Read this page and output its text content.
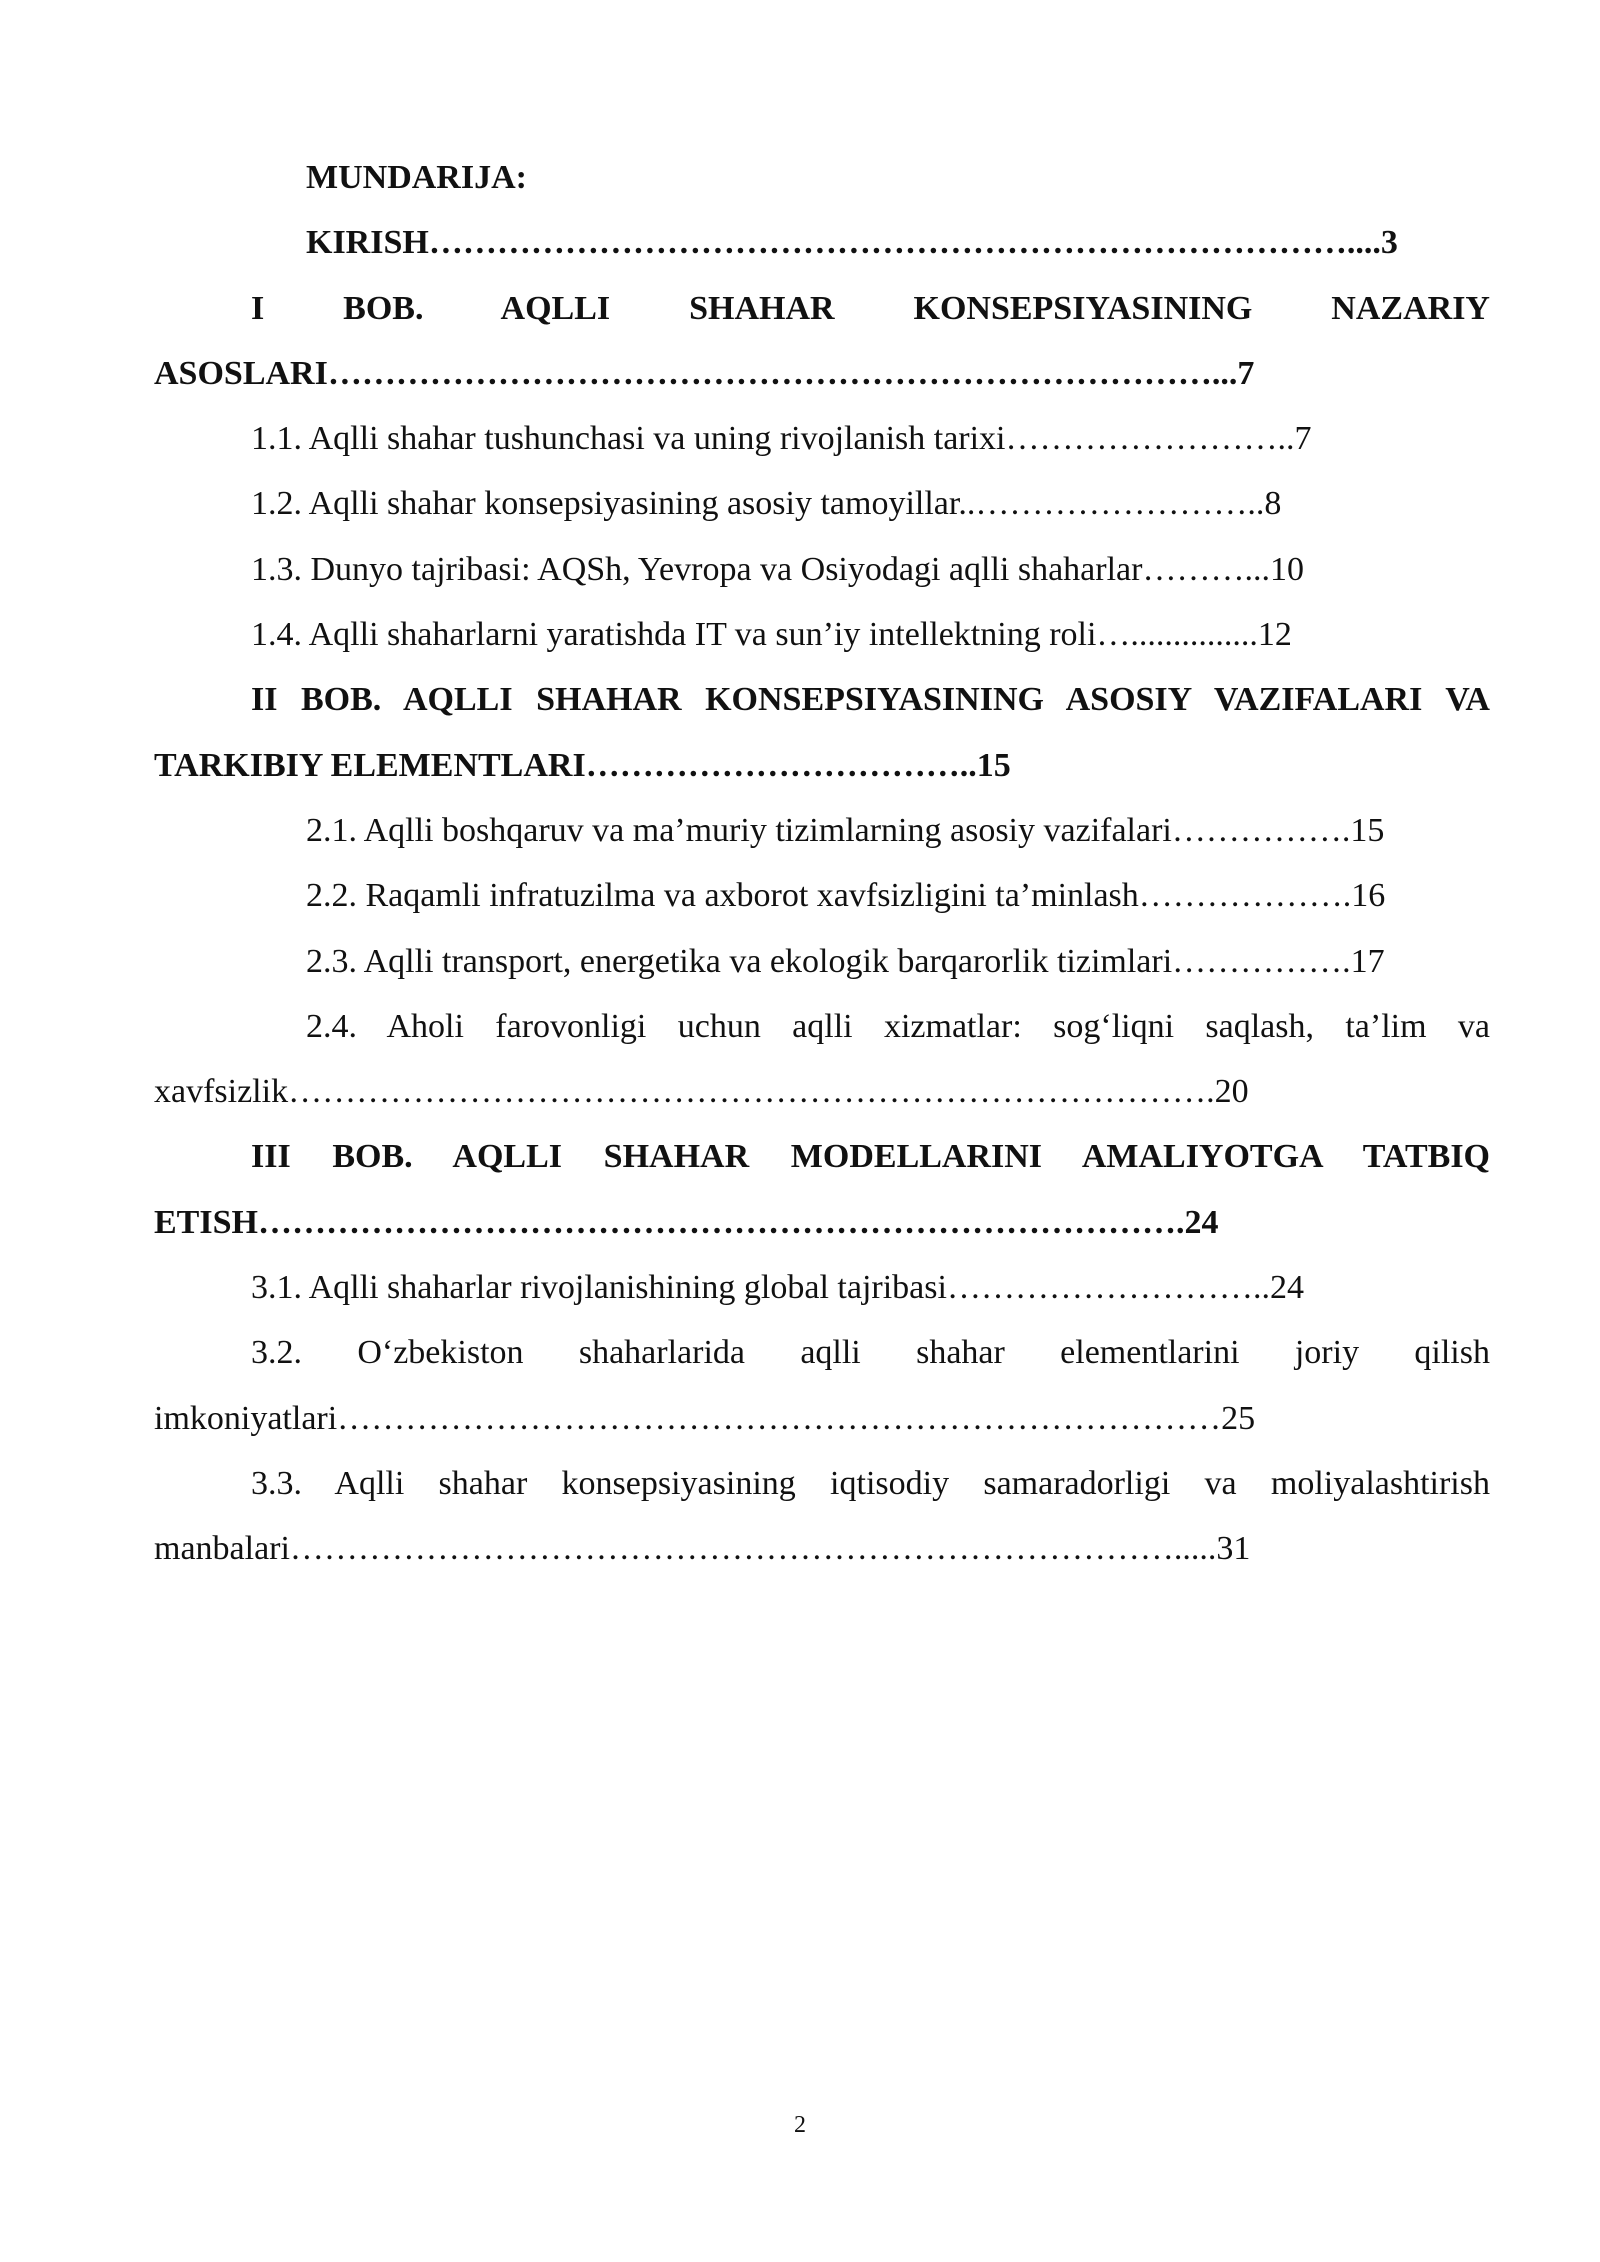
MUNDARIJA:

KIRISH………………………………………………………………………....3

I BOB. AQLLI SHAHAR KONSEPSIYASINING NAZARIY ASOSLARI……………………………………………………………………...7

1.1. Aqlli shahar tushunchasi va uning rivojlanish tarixi……………………..7

1.2. Aqlli shahar konsepsiyasining asosiy tamoyillar..……………………..8

1.3. Dunyo tajribasi: AQSh, Yevropa va Osiyodagi aqlli shaharlar………...10

1.4. Aqlli shaharlarni yaratishda IT va sun’iy intellektning roli…...............12

II BOB. AQLLI SHAHAR KONSEPSIYASINING ASOSIY VAZIFALARI VA TARKIBIY ELEMENTLARI……………………………..15

2.1. Aqlli boshqaruv va ma’muriy tizimlarning asosiy vazifalari…………….15

2.2. Raqamli infratuzilma va axborot xavfsizligini ta’minlash……………….16

2.3. Aqlli transport, energetika va ekologik barqarorlik tizimlari…………….17

2.4. Aholi farovonligi uchun aqlli xizmatlar: sog‘liqni saqlash, ta’lim va xavfsizlik……………………………………………………………………….20

III BOB. AQLLI SHAHAR MODELLARINI AMALIYOTGA TATBIQ ETISH……………………………………………………………………….24

3.1. Aqlli shaharlar rivojlanishining global tajribasi………………………..24

3.2. O‘zbekiston shaharlarida aqlli shahar elementlarini joriy qilish imkoniyatlari……………………………………………………………………25

3.3. Aqlli shahar konsepsiyasining iqtisodiy samaradorligi va moliyalashtirish manbalari…………………………………………………………………….....31

2
